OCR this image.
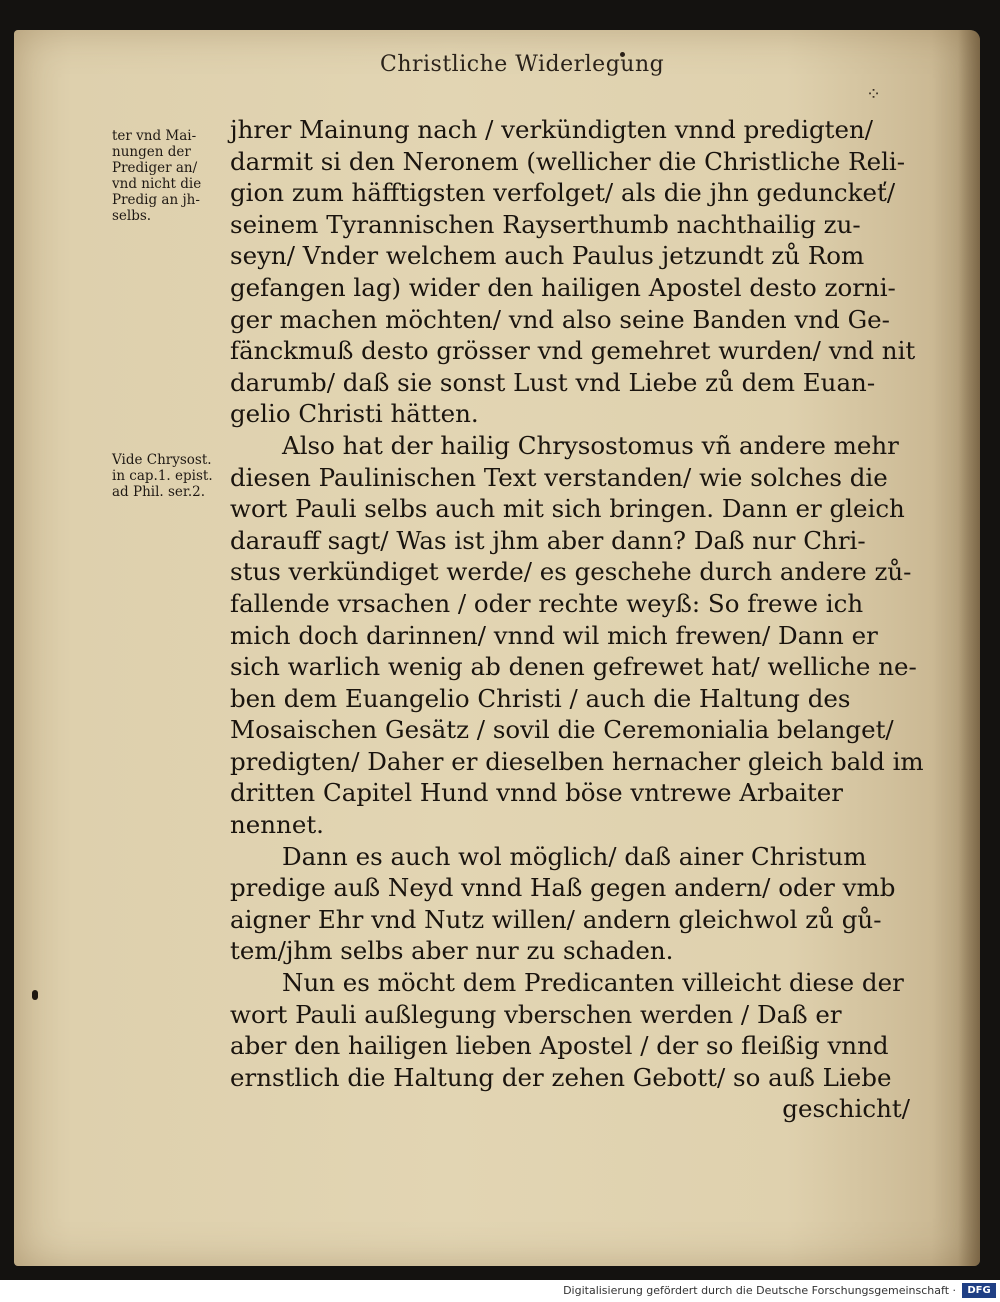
Christliche Widerlegung
⁘
ter vnd Mai-
nungen der
Prediger an/
vnd nicht die
Predig an jh-
selbs.
Vide Chrysost.
in cap.1. epist.
ad Phil. ser.2.
jhrer Mainung nach / verkündigten vnnd predigten/
darmit si den Neronem (wellicher die Christliche Reli-
gion zum häfftigsten verfolget/ als die jhn gedunckeť/
seinem Tyrannischen Rayserthumb nachthailig zu-
seyn/ Vnder welchem auch Paulus jetzundt zů Rom
gefangen lag) wider den hailigen Apostel desto zorni-
ger machen möchten/ vnd also seine Banden vnd Ge-
fänckmuß desto grösser vnd gemehret wurden/ vnd nit
darumb/ daß sie sonst Lust vnd Liebe zů dem Euan-
gelio Christi hätten.
Also hat der hailig Chrysostomus vñ andere mehr
diesen Paulinischen Text verstanden/ wie solches die
wort Pauli selbs auch mit sich bringen. Dann er gleich
darauff sagt/ Was ist jhm aber dann? Daß nur Chri-
stus verkündiget werde/ es geschehe durch andere zů-
fallende vrsachen / oder rechte weyß: So frewe ich
mich doch darinnen/ vnnd wil mich frewen/ Dann er
sich warlich wenig ab denen gefrewet hat/ welliche ne-
ben dem Euangelio Christi / auch die Haltung des
Mosaischen Gesätz / sovil die Ceremonialia belanget/
predigten/ Daher er dieselben hernacher gleich bald im
dritten Capitel Hund vnnd böse vntrewe Arbaiter
nennet.
Dann es auch wol möglich/ daß ainer Christum
predige auß Neyd vnnd Haß gegen andern/ oder vmb
aigner Ehr vnd Nutz willen/ andern gleichwol zů gů-
tem/jhm selbs aber nur zu schaden.
Nun es möcht dem Predicanten villeicht diese der
wort Pauli außlegung vberschen werden / Daß er
aber den hailigen lieben Apostel / der so fleißig vnnd
ernstlich die Haltung der zehen Gebott/ so auß Liebe
geschicht/
Digitalisierung gefördert durch die Deutsche Forschungsgemeinschaft ·	DFG
